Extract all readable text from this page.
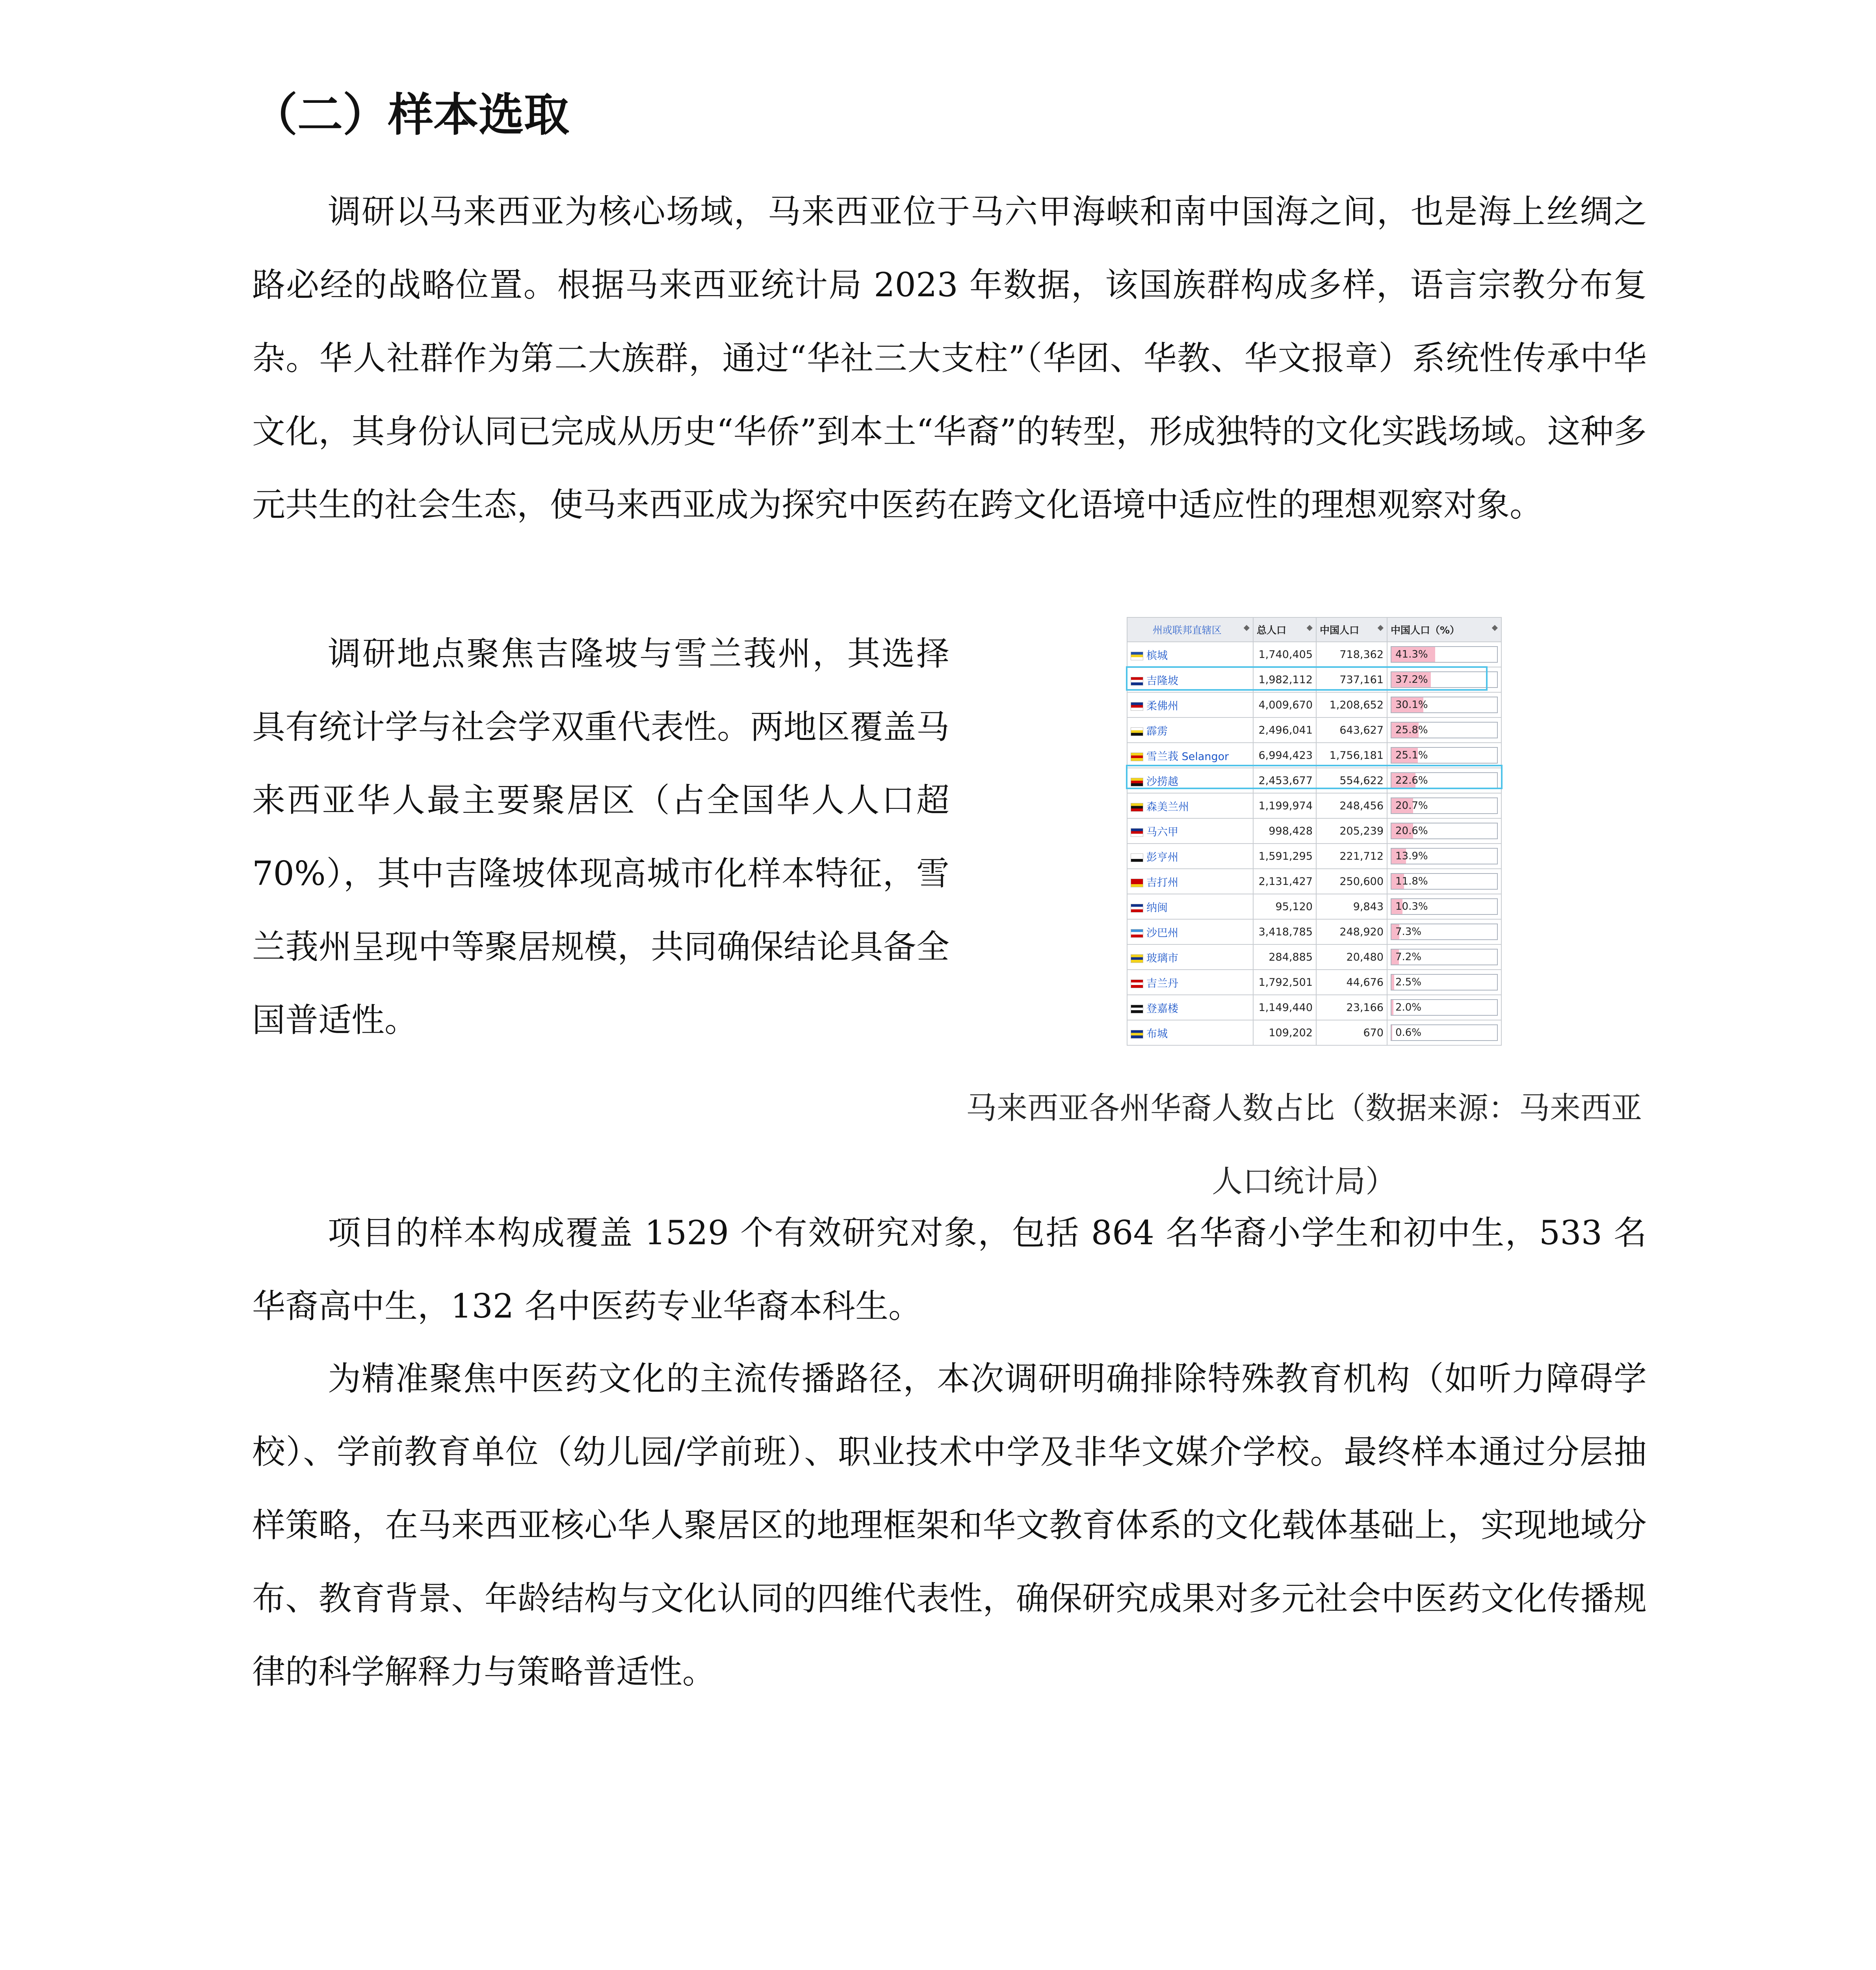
（二）样本选取

调研以马来西亚为核心场域，马来西亚位于马六甲海峡和南中国海之间，也是海上丝绸之路必经的战略位置。根据马来西亚统计局 2023 年数据，该国族群构成多样，语言宗教分布复杂。华人社群作为第二大族群，通过“华社三大支柱”（华团、华教、华文报章）系统性传承中华文化，其身份认同已完成从历史“华侨”到本土“华裔”的转型，形成独特的文化实践场域。这种多元共生的社会生态，使马来西亚成为探究中医药在跨文化语境中适应性的理想观察对象。

调研地点聚焦吉隆坡与雪兰莪州，其选择具有统计学与社会学双重代表性。两地区覆盖马来西亚华人最主要聚居区（占全国华人人口超 70%），其中吉隆坡体现高城市化样本特征，雪兰莪州呈现中等聚居规模，共同确保结论具备全国普适性。

州或联邦直辖区 ◆	总人口 ◆	中国人口 ◆	中国人口（%） ◆

槟城	1,740,405	718,362	41.3%

吉隆坡	1,982,112	737,161	37.2%

柔佛州	4,009,670	1,208,652	30.1%

霹雳	2,496,041	643,627	25.8%

雪兰莪 Selangor	6,994,423	1,756,181	25.1%

沙捞越	2,453,677	554,622	22.6%

森美兰州	1,199,974	248,456	20.7%

马六甲	998,428	205,239	20.6%

彭亨州	1,591,295	221,712	13.9%

吉打州	2,131,427	250,600	11.8%

纳闽	95,120	9,843	10.3%

沙巴州	3,418,785	248,920	7.3%

玻璃市	284,885	20,480	7.2%

吉兰丹	1,792,501	44,676	2.5%

登嘉楼	1,149,440	23,166	2.0%

布城	109,202	670	0.6%

马来西亚各州华裔人数占比（数据来源：马来西亚人口统计局）

项目的样本构成覆盖 1529 个有效研究对象，包括 864 名华裔小学生和初中生，533 名华裔高中生，132 名中医药专业华裔本科生。

为精准聚焦中医药文化的主流传播路径，本次调研明确排除特殊教育机构（如听力障碍学校）、学前教育单位（幼儿园/学前班）、职业技术中学及非华文媒介学校。最终样本通过分层抽样策略，在马来西亚核心华人聚居区的地理框架和华文教育体系的文化载体基础上，实现地域分布、教育背景、年龄结构与文化认同的四维代表性，确保研究成果对多元社会中医药文化传播规律的科学解释力与策略普适性。
